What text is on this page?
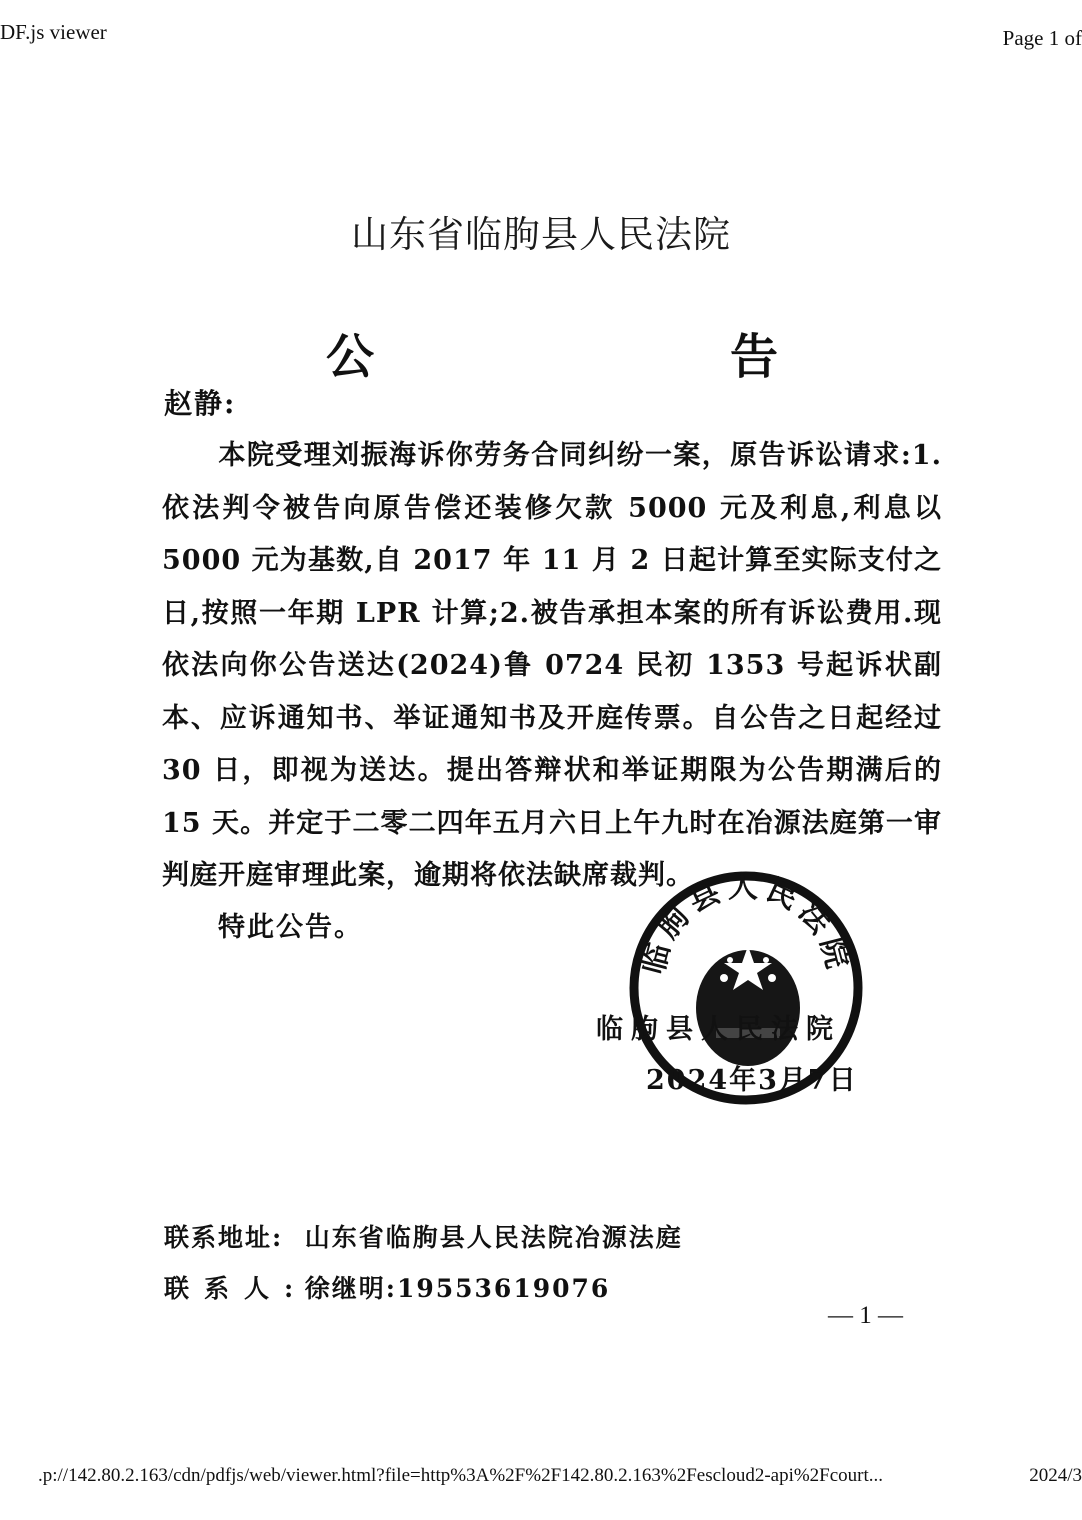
DF.js viewer	Page 1 of
山东省临朐县人民法院
公	告
赵静:
本院受理刘振海诉你劳务合同纠纷一案，原告诉讼请求:1.依法判令被告向原告偿还装修欠款 5000 元及利息,利息以 5000 元为基数,自 2017 年 11 月 2 日起计算至实际支付之日,按照一年期 LPR 计算;2.被告承担本案的所有诉讼费用.现依法向你公告送达(2024)鲁 0724 民初 1353 号起诉状副本、应诉通知书、举证通知书及开庭传票。自公告之日起经过 30 日，即视为送达。提出答辩状和举证期限为公告期满后的 15 天。并定于二零二四年五月六日上午九时在冶源法庭第一审判庭开庭审理此案，逾期将依法缺席裁判。
特此公告。
临朐县人民法院
临朐县人民法院
2024年3月7日
联系地址: 山东省临朐县人民法院冶源法庭
联系人: 徐继明:19553619076
— 1 —
.p://142.80.2.163/cdn/pdfjs/web/viewer.html?file=http%3A%2F%2F142.80.2.163%2Fescloud2-api%2Fcourt...	2024/3
